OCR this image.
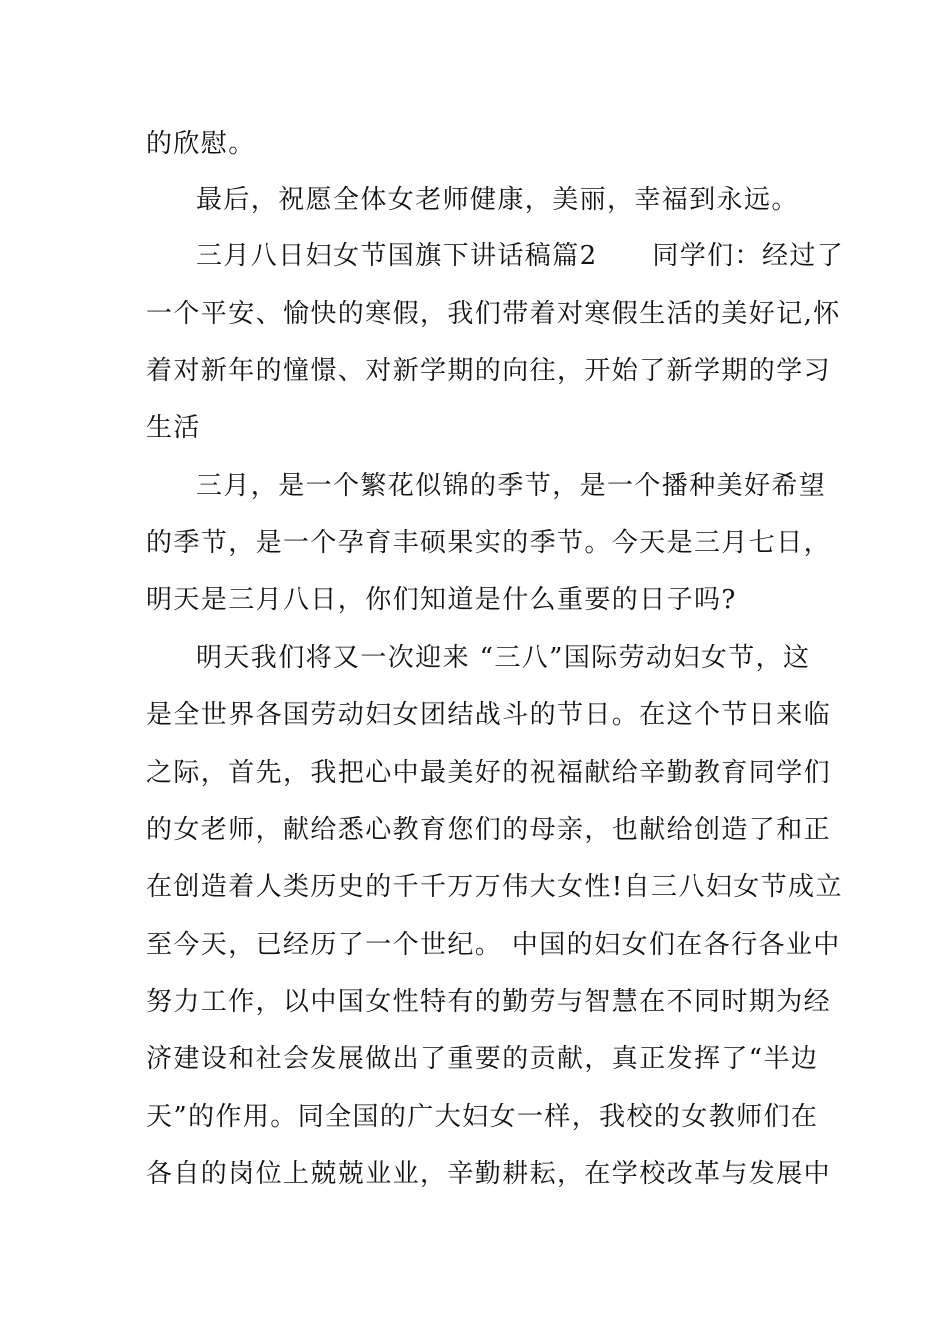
的欣慰。
最后，祝愿全体女老师健康，美丽，幸福到永远。
三月八日妇女节国旗下讲话稿篇2　　同学们：经过了
一个平安、愉快的寒假，我们带着对寒假生活的美好记,怀
着对新年的憧憬、对新学期的向往，开始了新学期的学习
生活
三月，是一个繁花似锦的季节，是一个播种美好希望
的季节，是一个孕育丰硕果实的季节。今天是三月七日，
明天是三月八日，你们知道是什么重要的日子吗?
明天我们将又一次迎来 “三八”国际劳动妇女节，这
是全世界各国劳动妇女团结战斗的节日。在这个节日来临
之际，首先，我把心中最美好的祝福献给辛勤教育同学们
的女老师，献给悉心教育您们的母亲，也献给创造了和正
在创造着人类历史的千千万万伟大女性!自三八妇女节成立
至今天，已经历了一个世纪。 中国的妇女们在各行各业中
努力工作，以中国女性特有的勤劳与智慧在不同时期为经
济建设和社会发展做出了重要的贡献，真正发挥了“半边
天”的作用。同全国的广大妇女一样，我校的女教师们在
各自的岗位上兢兢业业，辛勤耕耘，在学校改革与发展中
